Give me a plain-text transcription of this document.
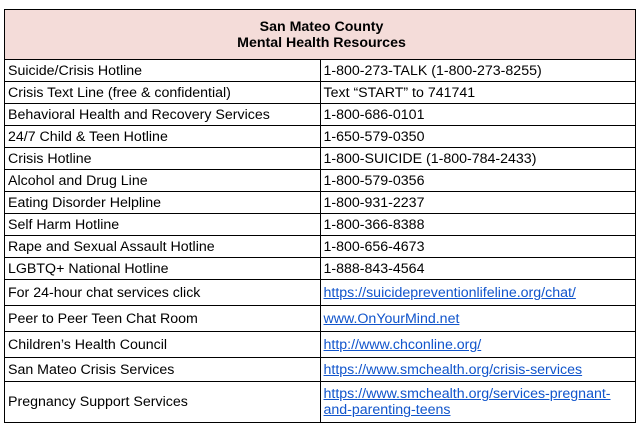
San Mateo County
Mental Health Resources	

Suicide/Crisis Hotline	1-800-273-TALK (1-800-273-8255)
Crisis Text Line (free & confidential)	Text “START” to 741741
Behavioral Health and Recovery Services	1-800-686-0101
24/7 Child & Teen Hotline	1-650-579-0350
Crisis Hotline	1-800-SUICIDE (1-800-784-2433)
Alcohol and Drug Line	1-800-579-0356
Eating Disorder Helpline	1-800-931-2237
Self Harm Hotline	1-800-366-8388
Rape and Sexual Assault Hotline	1-800-656-4673
LGBTQ+ National Hotline	1-888-843-4564
For 24-hour chat services click	https://suicidepreventionlifeline.org/chat/
Peer to Peer Teen Chat Room	www.OnYourMind.net
Children’s Health Council	http://www.chconline.org/
San Mateo Crisis Services	https://www.smchealth.org/crisis-services
Pregnancy Support Services	https://www.smchealth.org/services-pregnant-
and-parenting-teens
